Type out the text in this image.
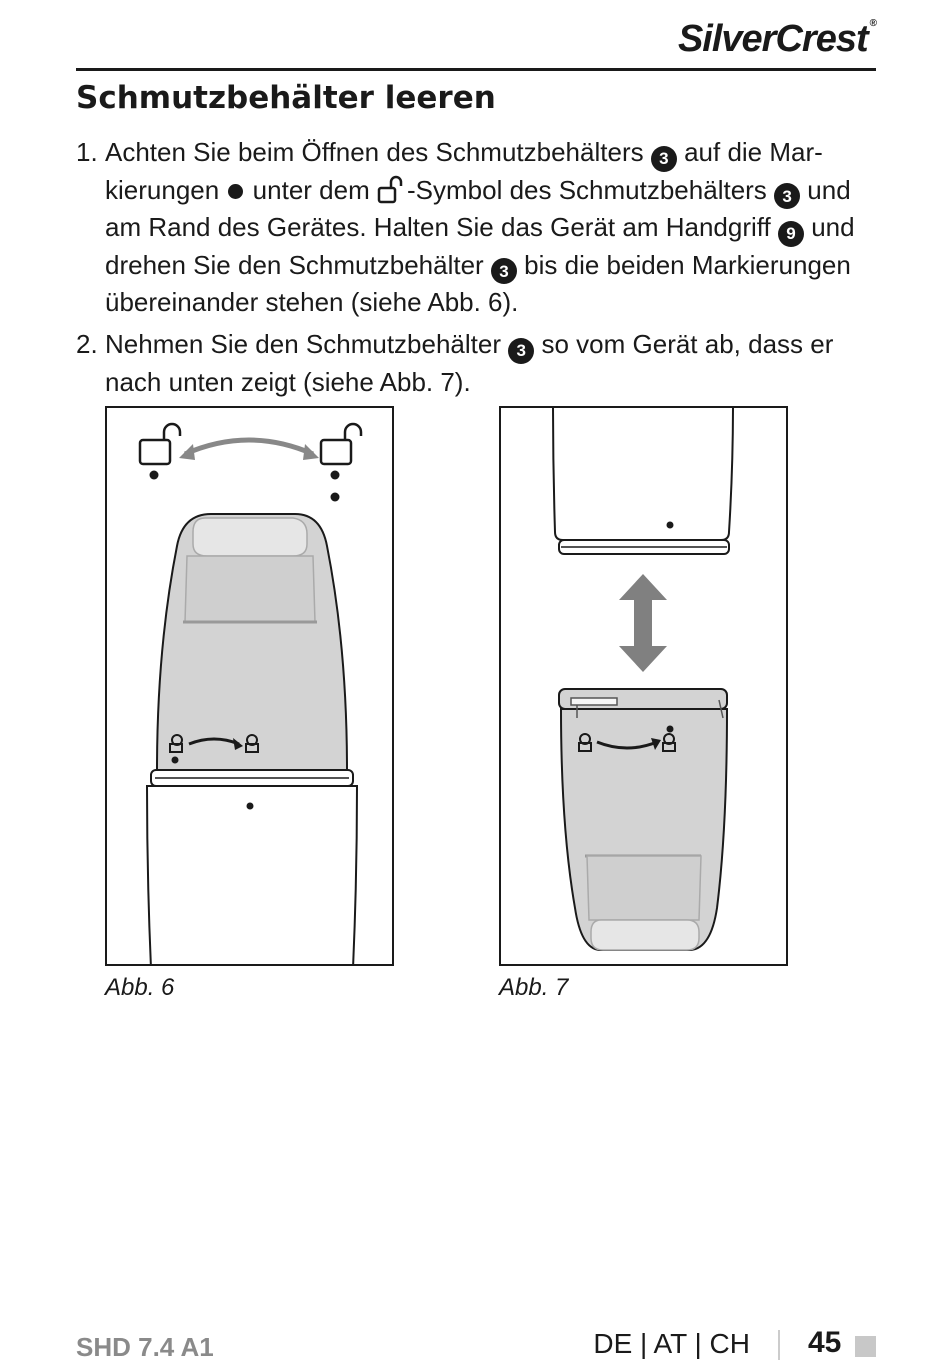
SilverCrest ®
Schmutzbehälter leeren
1. Achten Sie beim Öffnen des Schmutzbehälters 3 auf die Mar-
kierungen unter dem -Symbol des Schmutzbehälters 3 und
am Rand des Gerätes. Halten Sie das Gerät am Handgriff 9 und
drehen Sie den Schmutzbehälter 3 bis die beiden Markierungen
übereinander stehen (siehe Abb. 6).
2. Nehmen Sie den Schmutzbehälter 3 so vom Gerät ab, dass er
nach unten zeigt (siehe Abb. 7).
Abb. 6	Abb. 7
SHD 7.4 A1	DE | AT | CH 45
